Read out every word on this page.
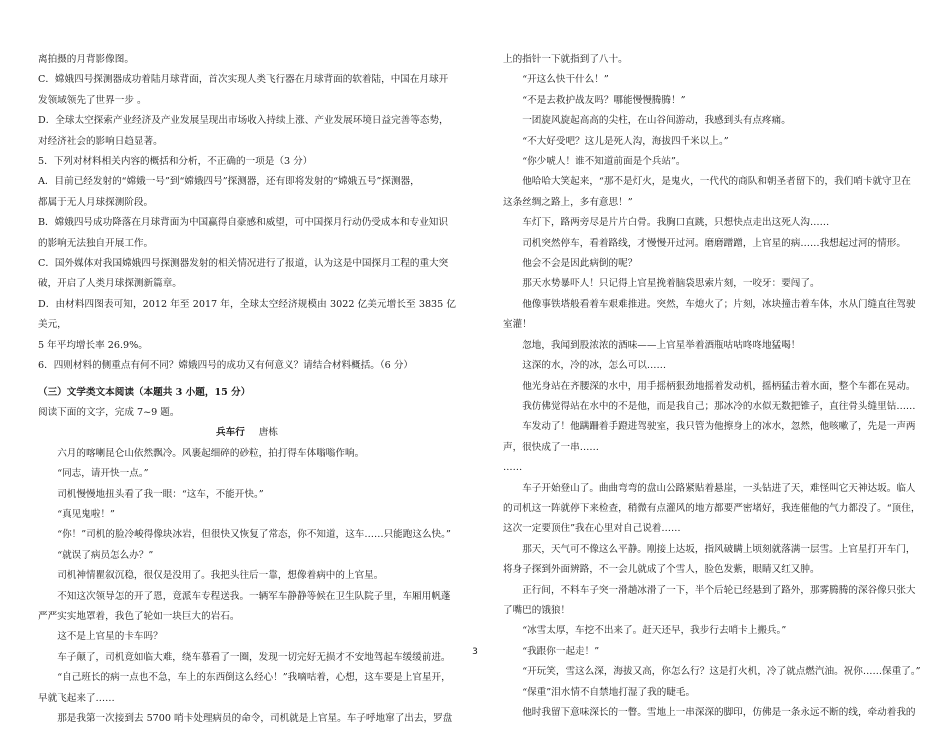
离拍摄的月背影像图。

C．嫦娥四号探测器成功着陆月球背面，首次实现人类飞行器在月球背面的软着陆，中国在月球开

发领域领先了世界一步 。

D．全球太空探索产业经济及产业发展呈现出市场收入持续上涨、产业发展环境日益完善等态势，

对经济社会的影响日趋显著。

5．下列对材料相关内容的概括和分析，不正确的一项是（3 分）

A．目前已经发射的“嫦娥一号”到“嫦娥四号”探测器，还有即将发射的“嫦娥五号”探测器，

都属于无人月球探测阶段。

B．嫦娥四号成功降落在月球背面为中国赢得自豪感和威望，可中国探月行动仍受成本和专业知识

的影响无法独自开展工作。

C．国外媒体对我国嫦娥四号探测器发射的相关情况进行了报道，认为这是中国探月工程的重大突

破，开启了人类月球探测新篇章。

D．由材料四图表可知，2012 年至 2017 年，全球太空经济规模由 3022 亿美元增长至 3835 亿美元，

5 年平均增长率 26.9%。

6．四则材料的侧重点有何不同？嫦娥四号的成功又有何意义？请结合材料概括。（6 分）

（三）文学类文本阅读（本题共 3 小题，15 分）

阅读下面的文字，完成 7~9 题。

兵车行 唐栋

六月的喀喇昆仑山依然飘冷。风裹起细碎的砂粒，拍打得车体嗡嗡作响。

“同志，请开快一点。”

司机慢慢地扭头看了我一眼：“这车，不能开快。”

“真见鬼啦！”

“你！”司机的脸冷峻得像块冰岩，但很快又恢复了常态，你不知道，这车……只能跑这么快。”

“就误了病员怎么办？”

司机神情瞿叙沉稳，很仅是没用了。我把头往后一靠，想像着病中的上官星。

不知这次领导怎的开了恩，竟派车专程送我。一辆军车静静等候在卫生队院子里，车厢用帆蓬

严严实实地罩着，我色了轮如一块巨大的岩石。

这不是上官星的卡车吗？

车子颠了，司机竟如临大难，绕车慕看了一圈，发现一切完好无损才不安地驾起车缓缓前进。

“自己班长的病一点也不急，车上的东西倒这么经心！”我嘀咕着，心想，这车要是上官星开，

早就飞起来了……

那是我第一次接到去 5700 哨卡处理病员的命令，司机就是上官星。车子呼地窜了出去，罗盘

上的指针一下就指到了八十。

“开这么快干什么！”

“不是去救护战友吗？哪能慢慢腾腾！”

一团旋风旋起高高的尖柱，在山谷间游动，我感到头有点疼痛。

“不大好受吧？这儿是死人沟，海拔四千米以上。”

“你少唬人！谁不知道前面是个兵站”。

他哈哈大笑起来，“那不是灯火，是鬼火，一代代的商队和朝圣者留下的，我们哨卡就守卫在

这条丝绸之路上，多有意思！”

车灯下，路两旁尽是片片白骨。我胸口直跳，只想快点走出这死人沟……

司机突然停车，看着路线，才慢慢开过河。磨磨蹭蹭，上官星的病……我想起过河的情形。

他会不会是因此病倒的呢？

那天水势暴吓人！只记得上官星挽着脑袋思索片刻，一咬牙：要闯了。

他像事铁塔般看着车艰难推进。突然，车熄火了；片刻，冰块撞击着车体，水从门缝直往驾驶

室灌！

忽地，我闻到股浓浓的酒味——上官星举着酒瓶咕咕咚咚地猛喝！

这深的水，冷的冰，怎么可以……

他光身站在齐腰深的水中，用手摇柄狠劲地摇着发动机，摇柄猛击着水面，整个车都在晃动。

我仿佛觉得站在水中的不是他，而是我自己；那冰冷的水似无数把锥子，直往骨头缝里钻……

车发动了！他蹒跚着手蹬进驾驶室，我只管为他擦身上的冰水，忽然，他咳嗽了，先是一声两

声，很快成了一串……

……

车子开始登山了。曲曲弯弯的盘山公路紧贴着悬崖，一头钻进了天，难怪叫它天神达坂。临人

的司机这一阵就停下来检查，稍微有点灌风的地方都要严密堵好，我连催他的气力都没了。“顶住，

这次一定要顶住”我在心里对自己说着……

那天，天气可不像这么平静。刚接上达坂，指风破瞒上顷刻就落满一层雪。上官星打开车门，

将身子探到外面辨路，不一会儿就成了个雪人，脸色发紫，眼睛又红又肿。

正行间，不料车子突一滑趟冰滑了一下，半个后轮已经悬到了路外，那雾腾腾的深谷像只张大

了嘴巴的饿狼！

“冰雪太厚，车挖不出来了。赶天还早，我步行去哨卡上搬兵。”

“我跟你一起走！”

“开玩笑，雪这么深，海拔又高，你怎么行？这是打火机，冷了就点燃汽油。祝你……保重了。”

“保重”泪水情不自禁地打湿了我的睫毛。

他时我留下意味深长的一瞥。雪地上一串深深的脚印，仿佛是一条永远不断的线，牵动着我的

3
